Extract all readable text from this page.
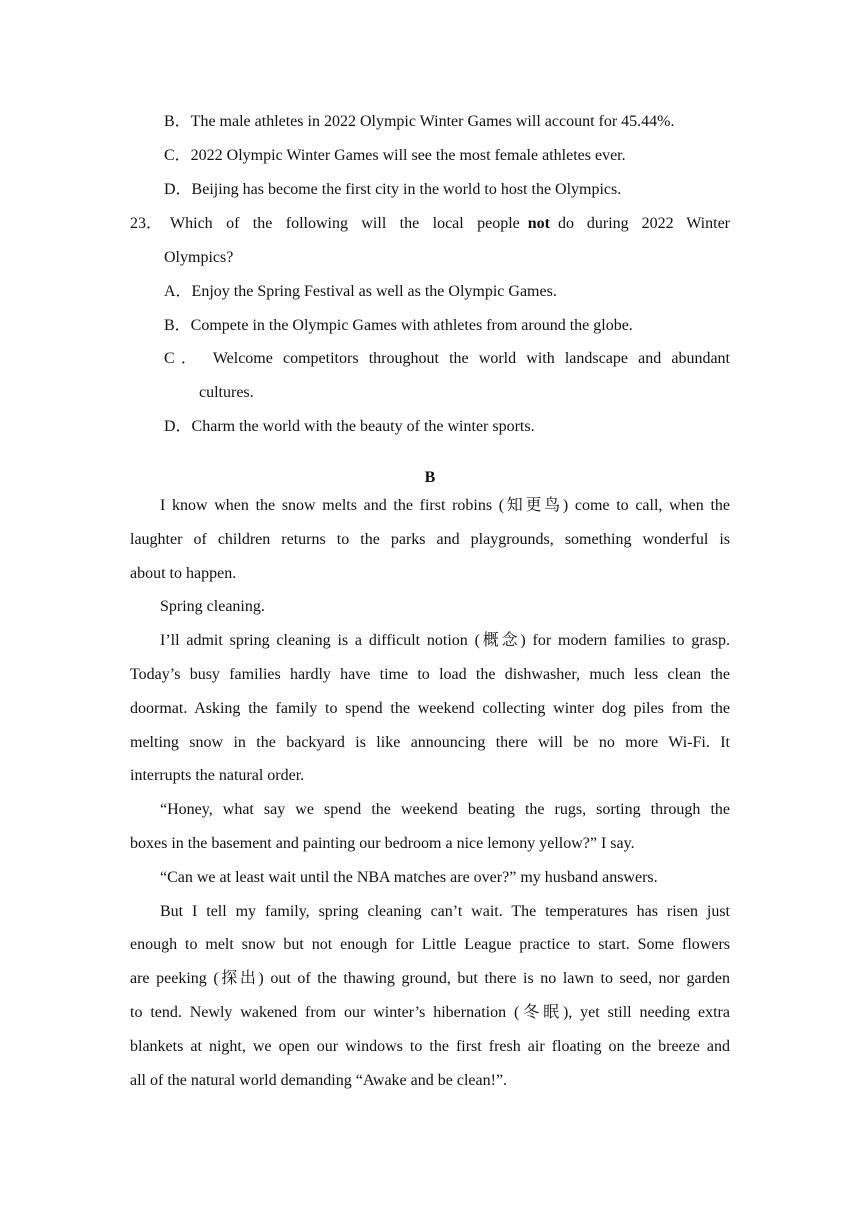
B．The male athletes in 2022 Olympic Winter Games will account for 45.44%.
C．2022 Olympic Winter Games will see the most female athletes ever.
D．Beijing has become the first city in the world to host the Olympics.
23． Which of the following will the local people not do during 2022 Winter
Olympics?
A．Enjoy the Spring Festival as well as the Olympic Games.
B．Compete in the Olympic Games with athletes from around the globe.
C． Welcome competitors throughout the world with landscape and abundant
cultures.
D．Charm the world with the beauty of the winter sports.
B
I know when the snow melts and the first robins (知更鸟) come to call, when the
laughter of children returns to the parks and playgrounds, something wonderful is
about to happen.
Spring cleaning.
I’ll admit spring cleaning is a difficult notion (概念) for modern families to grasp.
Today’s busy families hardly have time to load the dishwasher, much less clean the
doormat. Asking the family to spend the weekend collecting winter dog piles from the
melting snow in the backyard is like announcing there will be no more Wi-Fi. It
interrupts the natural order.
“Honey, what say we spend the weekend beating the rugs, sorting through the
boxes in the basement and painting our bedroom a nice lemony yellow?” I say.
“Can we at least wait until the NBA matches are over?” my husband answers.
But I tell my family, spring cleaning can’t wait. The temperatures has risen just
enough to melt snow but not enough for Little League practice to start. Some flowers
are peeking (探出) out of the thawing ground, but there is no lawn to seed, nor garden
to tend. Newly wakened from our winter’s hibernation (冬眠), yet still needing extra
blankets at night, we open our windows to the first fresh air floating on the breeze and
all of the natural world demanding “Awake and be clean!”.
